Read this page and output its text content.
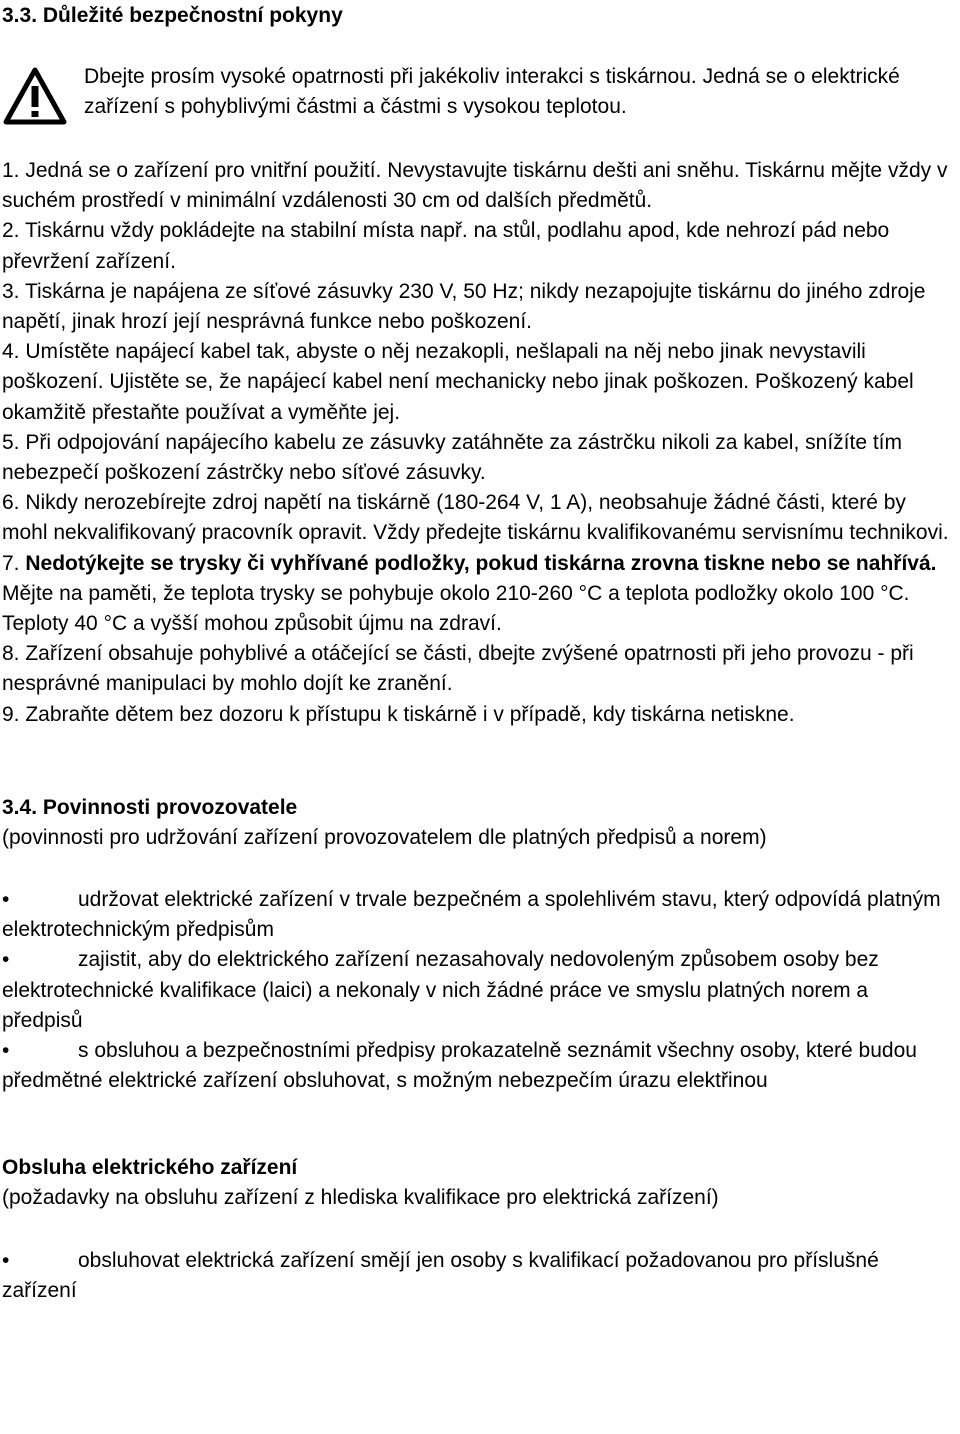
3.3. Důležité bezpečnostní pokyny
Dbejte prosím vysoké opatrnosti při jakékoliv interakci s tiskárnou. Jedná se o elektrické zařízení s pohyblivými částmi a částmi s vysokou teplotou.

1. Jedná se o zařízení pro vnitřní použití. Nevystavujte tiskárnu dešti ani sněhu. Tiskárnu mějte vždy v suchém prostředí v minimální vzdálenosti 30 cm od dalších předmětů.

2. Tiskárnu vždy pokládejte na stabilní místa např. na stůl, podlahu apod, kde nehrozí pád nebo převržení zařízení.

3. Tiskárna je napájena ze síťové zásuvky 230 V, 50 Hz; nikdy nezapojujte tiskárnu do jiného zdroje napětí, jinak hrozí její nesprávná funkce nebo poškození.

4. Umístěte napájecí kabel tak, abyste o něj nezakopli, nešlapali na něj nebo jinak nevystavili poškození. Ujistěte se, že napájecí kabel není mechanicky nebo jinak poškozen. Poškozený kabel okamžitě přestaňte používat a vyměňte jej.

5. Při odpojování napájecího kabelu ze zásuvky zatáhněte za zástrčku nikoli za kabel, snížíte tím nebezpečí poškození zástrčky nebo síťové zásuvky.

6. Nikdy nerozebírejte zdroj napětí na tiskárně (180-264 V, 1 A), neobsahuje žádné části, které by mohl nekvalifikovaný pracovník opravit. Vždy předejte tiskárnu kvalifikovanému servisnímu technikovi.

7. Nedotýkejte se trysky či vyhřívané podložky, pokud tiskárna zrovna tiskne nebo se nahřívá. Mějte na paměti, že teplota trysky se pohybuje okolo 210-260 °C a teplota podložky okolo 100 °C. Teploty 40 °C a vyšší mohou způsobit újmu na zdraví.

8. Zařízení obsahuje pohyblivé a otáčející se části, dbejte zvýšené opatrnosti při jeho provozu - při nesprávné manipulaci by mohlo dojít ke zranění.

9. Zabraňte dětem bez dozoru k přístupu k tiskárně i v případě, kdy tiskárna netiskne.

3.4. Povinnosti provozovatele

(povinnosti pro udržování zařízení provozovatelem dle platných předpisů a norem)

•	udržovat elektrické zařízení v trvale bezpečném a spolehlivém stavu, který odpovídá platným elektrotechnickým předpisům

•	zajistit, aby do elektrického zařízení nezasahovaly nedovoleným způsobem osoby bez elektrotechnické kvalifikace (laici) a nekonaly v nich žádné práce ve smyslu platných norem a předpisů

•	s obsluhou a bezpečnostními předpisy prokazatelně seznámit všechny osoby, které budou předmětné elektrické zařízení obsluhovat, s možným nebezpečím úrazu elektřinou

Obsluha elektrického zařízení

(požadavky na obsluhu zařízení z hlediska kvalifikace pro elektrická zařízení)

•	obsluhovat elektrická zařízení smějí jen osoby s kvalifikací požadovanou pro příslušné zařízení
